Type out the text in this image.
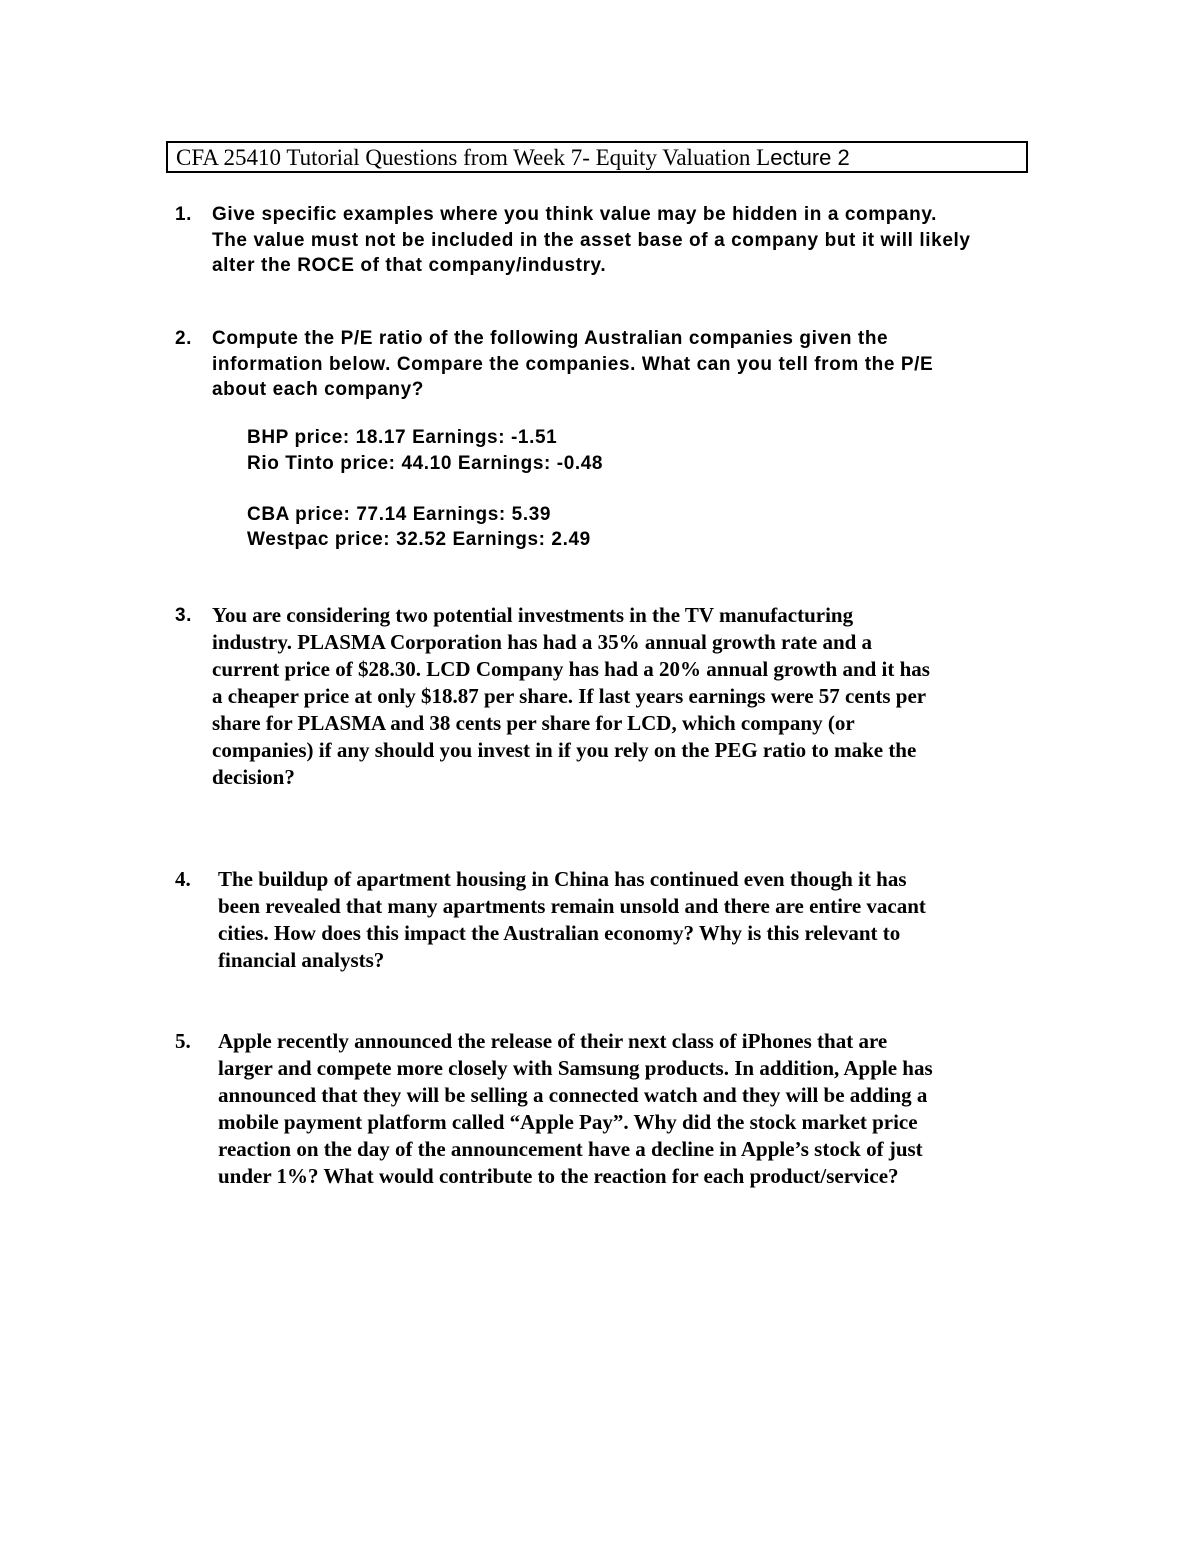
CFA 25410 Tutorial Questions from Week 7- Equity Valuation Lecture 2
1. Give specific examples where you think value may be hidden in a company.
The value must not be included in the asset base of a company but it will likely
alter the ROCE of that company/industry.
2. Compute the P/E ratio of the following Australian companies given the
information below. Compare the companies. What can you tell from the P/E
about each company?
BHP price: 18.17 Earnings: -1.51
Rio Tinto price: 44.10 Earnings: -0.48
CBA price: 77.14 Earnings: 5.39
Westpac price: 32.52 Earnings: 2.49
3. You are considering two potential investments in the TV manufacturing
industry. PLASMA Corporation has had a 35% annual growth rate and a
current price of $28.30. LCD Company has had a 20% annual growth and it has
a cheaper price at only $18.87 per share. If last years earnings were 57 cents per
share for PLASMA and 38 cents per share for LCD, which company (or
companies) if any should you invest in if you rely on the PEG ratio to make the
decision?
4. The buildup of apartment housing in China has continued even though it has
been revealed that many apartments remain unsold and there are entire vacant
cities. How does this impact the Australian economy? Why is this relevant to
financial analysts?
5. Apple recently announced the release of their next class of iPhones that are
larger and compete more closely with Samsung products. In addition, Apple has
announced that they will be selling a connected watch and they will be adding a
mobile payment platform called “Apple Pay”. Why did the stock market price
reaction on the day of the announcement have a decline in Apple’s stock of just
under 1%? What would contribute to the reaction for each product/service?
